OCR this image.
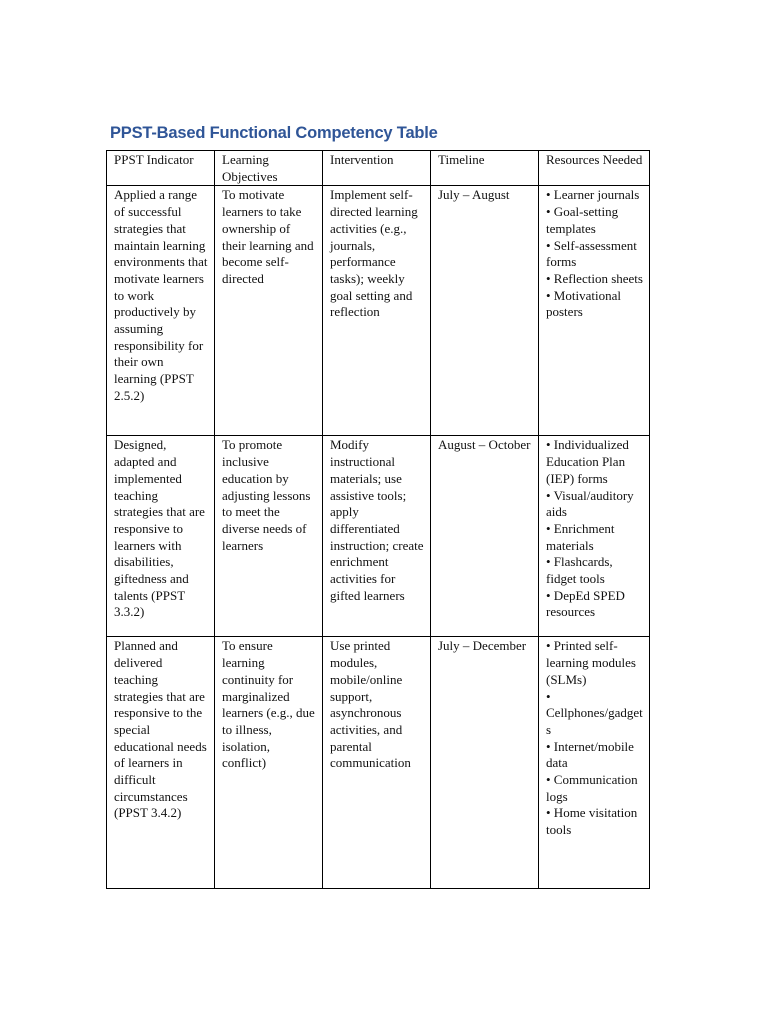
PPST-Based Functional Competency Table
PPST Indicator	Learning Objectives	Intervention	Timeline	Resources Needed
Applied a range of successful strategies that maintain learning environments that motivate learners to work productively by assuming responsibility for their own learning (PPST 2.5.2)	To motivate learners to take ownership of their learning and become self-directed	Implement self-directed learning activities (e.g., journals, performance tasks); weekly goal setting and reflection	July – August	• Learner journals
• Goal-setting templates
• Self-assessment forms
• Reflection sheets
• Motivational posters

Designed, adapted and implemented teaching strategies that are responsive to learners with disabilities, giftedness and talents (PPST 3.3.2)	To promote inclusive education by adjusting lessons to meet the diverse needs of learners	Modify instructional materials; use assistive tools; apply differentiated instruction; create enrichment activities for gifted learners	August – October	• Individualized Education Plan (IEP) forms
• Visual/auditory aids
• Enrichment materials
• Flashcards, fidget tools
• DepEd SPED resources

Planned and delivered teaching strategies that are responsive to the special educational needs of learners in difficult circumstances (PPST 3.4.2)	To ensure learning continuity for marginalized learners (e.g., due to illness, isolation, conflict)	Use printed modules, mobile/online support, asynchronous activities, and parental communication	July – December	• Printed self-learning modules (SLMs)
• Cellphones/gadgets
• Internet/mobile data
• Communication logs
• Home visitation tools
